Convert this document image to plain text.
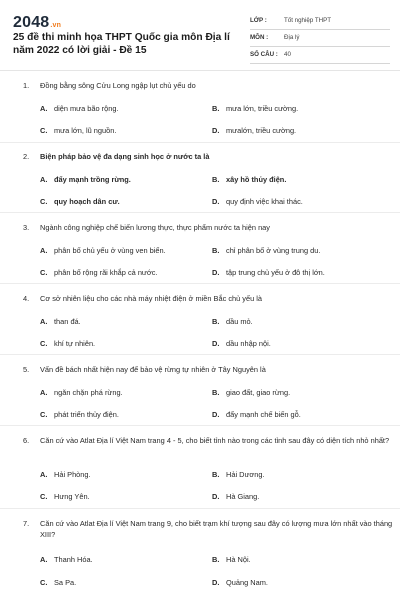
2048.vn
25 đề thi minh họa THPT Quốc gia môn Địa lí năm 2022 có lời giải - Đề 15
LỚP :	Tốt nghiệp THPT
MÔN :	Địa lý
SỐ CÂU : 40
1. Đồng bằng sông Cửu Long ngập lụt chủ yếu do
A. diện mưa bão rộng.	B. mưa lớn, triều cường.
C. mưa lớn, lũ nguồn.	D. mưalớn, triều cường.
2. Biện pháp bảo vệ đa dạng sinh học ở nước ta là
A. đẩy mạnh trồng rừng.	B. xây hồ thủy điện.
C. quy hoạch dân cư.	D. quy định việc khai thác.
3. Ngành công nghiệp chế biến lương thực, thực phẩm nước ta hiện nay
A. phân bố chủ yếu ở vùng ven biển.	B. chỉ phân bố ở vùng trung du.
C. phân bố rộng rãi khắp cả nước.	D. tập trung chủ yếu ở đô thị lớn.
4. Cơ sở nhiên liệu cho các nhà máy nhiệt điện ở miền Bắc chủ yếu là
A. than đá.	B. dầu mỏ.
C. khí tự nhiên.	D. dầu nhập nội.
5. Vấn đề bách nhất hiện nay để bảo vệ rừng tự nhiên ở Tây Nguyên là
A. ngăn chặn phá rừng.	B. giao đất, giao rừng.
C. phát triển thủy điện.	D. đẩy mạnh chế biến gỗ.
6. Căn cứ vào Atlat Địa lí Việt Nam trang 4 - 5, cho biết tỉnh nào trong các tỉnh sau đây có diện tích nhỏ nhất?
A. Hải Phòng.	B. Hải Dương.
C. Hưng Yên.	D. Hà Giang.
7. Căn cứ vào Atlat Địa lí Việt Nam trang 9, cho biết trạm khí tượng sau đây có lượng mưa lớn nhất vào tháng XIII?
A. Thanh Hóa.	B. Hà Nội.
C. Sa Pa.	D. Quảng Nam.
